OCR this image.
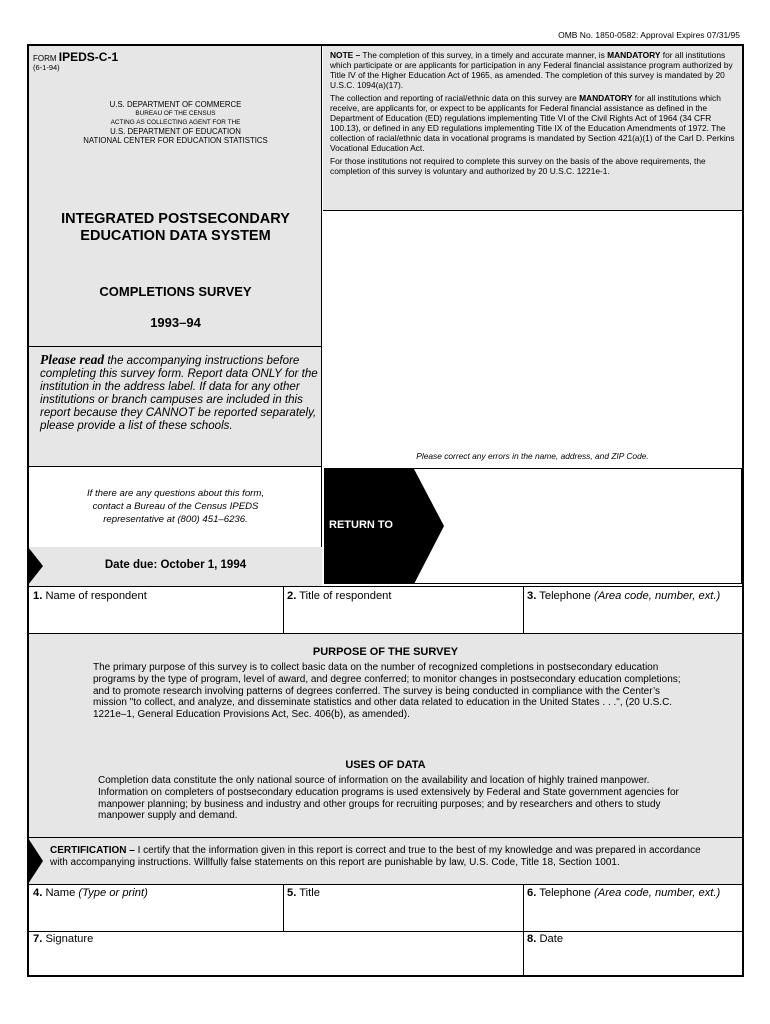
OMB No. 1850-0582: Approval Expires 07/31/95
FORM IPEDS-C-1
(6-1-94)
U.S. DEPARTMENT OF COMMERCE
BUREAU OF THE CENSUS
ACTING AS COLLECTING AGENT FOR THE
U.S. DEPARTMENT OF EDUCATION
NATIONAL CENTER FOR EDUCATION STATISTICS
INTEGRATED POSTSECONDARY
EDUCATION DATA SYSTEM
COMPLETIONS SURVEY
1993–94
Please read the accompanying instructions before completing this survey form. Report data ONLY for the institution in the address label. If data for any other institutions or branch campuses are included in this report because they CANNOT be reported separately, please provide a list of these schools.
If there are any questions about this form,
contact a Bureau of the Census IPEDS
representative at (800) 451–6236.
Date due: October 1, 1994

NOTE – The completion of this survey, in a timely and accurate manner, is MANDATORY for all institutions which participate or are applicants for participation in any Federal financial assistance program authorized by Title IV of the Higher Education Act of 1965, as amended. The completion of this survey is mandated by 20 U.S.C. 1094(a)(17).

The collection and reporting of racial/ethnic data on this survey are MANDATORY for all institutions which receive, are applicants for, or expect to be applicants for Federal financial assistance as defined in the Department of Education (ED) regulations implementing Title VI of the Civil Rights Act of 1964 (34 CFR 100.13), or defined in any ED regulations implementing Title IX of the Education Amendments of 1972. The collection of racial/ethnic data in vocational programs is mandated by Section 421(a)(1) of the Carl D. Perkins Vocational Education Act.

For those institutions not required to complete this survey on the basis of the above requirements, the completion of this survey is voluntary and authorized by 20 U.S.C. 1221e-1.

Please correct any errors in the name, address, and ZIP Code.
RETURN TO
1. Name of respondent	2. Title of respondent	3. Telephone (Area code, number, ext.)
PURPOSE OF THE SURVEY
The primary purpose of this survey is to collect basic data on the number of recognized completions in postsecondary education programs by the type of program, level of award, and degree conferred; to monitor changes in postsecondary education completions; and to promote research involving patterns of degrees conferred. The survey is being conducted in compliance with the Center’s mission "to collect, and analyze, and disseminate statistics and other data related to education in the United States . . .", (20 U.S.C. 1221e–1, General Education Provisions Act, Sec. 406(b), as amended).
USES OF DATA
Completion data constitute the only national source of information on the availability and location of highly trained manpower. Information on completers of postsecondary education programs is used extensively by Federal and State government agencies for manpower planning; by business and industry and other groups for recruiting purposes; and by researchers and others to study manpower supply and demand.
CERTIFICATION – I certify that the information given in this report is correct and true to the best of my knowledge and was prepared in accordance with accompanying instructions. Willfully false statements on this report are punishable by law, U.S. Code, Title 18, Section 1001.
4. Name (Type or print)	5. Title	6. Telephone (Area code, number, ext.)
7. Signature	8. Date
